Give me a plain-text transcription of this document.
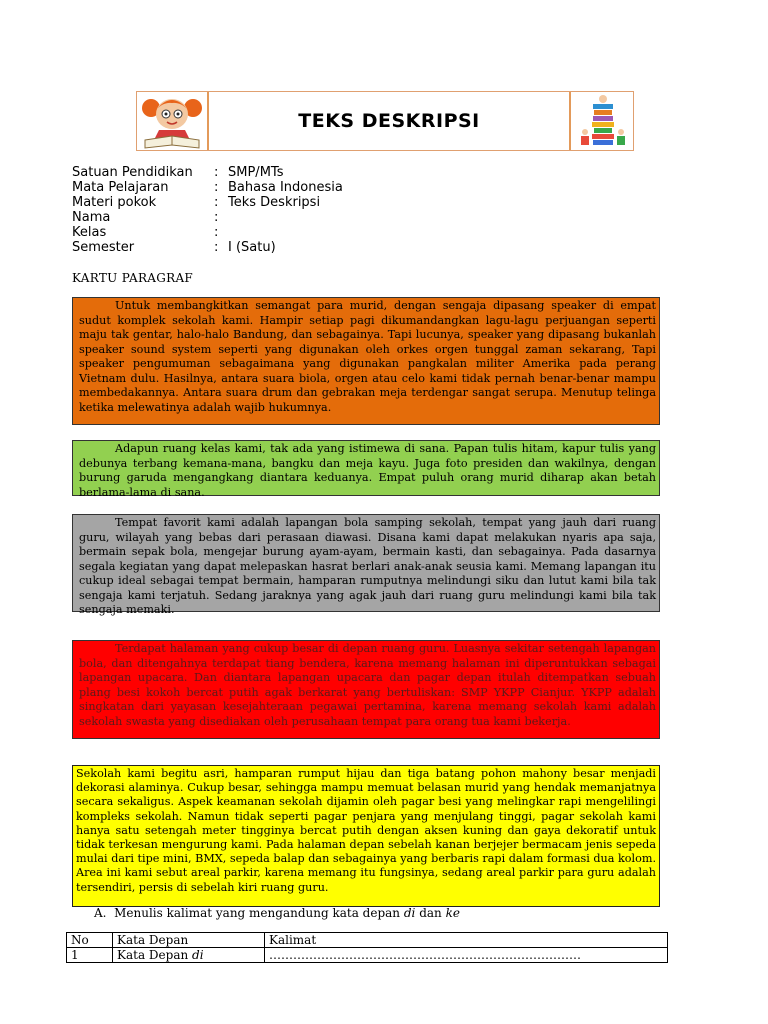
TEKS DESKRIPSI
Satuan Pendidikan	: SMP/MTs
Mata Pelajaran	: Bahasa Indonesia
Materi pokok	: Teks Deskripsi
Nama	:
Kelas	:
Semester	: I (Satu)
KARTU PARAGRAF
Untuk membangkitkan semangat para murid, dengan sengaja dipasang speaker di empat sudut komplek sekolah kami. Hampir setiap pagi dikumandangkan lagu-lagu perjuangan seperti maju tak gentar, halo-halo Bandung, dan sebagainya. Tapi lucunya, speaker yang dipasang bukanlah speaker sound system seperti yang digunakan oleh orkes orgen tunggal zaman sekarang, Tapi speaker pengumuman sebagaimana yang digunakan pangkalan militer Amerika pada perang Vietnam dulu. Hasilnya, antara suara biola, orgen atau celo kami tidak pernah benar-benar mampu membedakannya. Antara suara drum dan gebrakan meja terdengar sangat serupa. Menutup telinga ketika melewatinya adalah wajib hukumnya.
Adapun ruang kelas kami, tak ada yang istimewa di sana. Papan tulis hitam, kapur tulis yang debunya terbang kemana-mana, bangku dan meja kayu. Juga foto presiden dan wakilnya, dengan burung garuda mengangkang diantara keduanya. Empat puluh orang murid diharap akan betah berlama-lama di sana.
Tempat favorit kami adalah lapangan bola samping sekolah, tempat yang jauh dari ruang guru, wilayah yang bebas dari perasaan diawasi. Disana kami dapat melakukan nyaris apa saja, bermain sepak bola, mengejar burung ayam-ayam, bermain kasti, dan sebagainya. Pada dasarnya segala kegiatan yang dapat melepaskan hasrat berlari anak-anak seusia kami. Memang lapangan itu cukup ideal sebagai tempat bermain, hamparan rumputnya melindungi siku dan lutut kami bila tak sengaja kami terjatuh. Sedang jaraknya yang agak jauh dari ruang guru melindungi kami bila tak sengaja memaki.
Terdapat halaman yang cukup besar di depan ruang guru. Luasnya sekitar setengah lapangan bola, dan ditengahnya terdapat tiang bendera, karena memang halaman ini diperuntukkan sebagai lapangan upacara. Dan diantara lapangan upacara dan pagar depan itulah ditempatkan sebuah plang besi kokoh bercat putih agak berkarat yang bertuliskan: SMP YKPP Cianjur. YKPP adalah singkatan dari yayasan kesejahteraan pegawai pertamina, karena memang sekolah kami adalah sekolah swasta yang disediakan oleh perusahaan tempat para orang tua kami bekerja.
Sekolah kami begitu asri, hamparan rumput hijau dan tiga batang pohon mahony besar menjadi dekorasi alaminya. Cukup besar, sehingga mampu memuat belasan murid yang hendak memanjatnya secara sekaligus. Aspek keamanan sekolah dijamin oleh pagar besi yang melingkar rapi mengelilingi kompleks sekolah. Namun tidak seperti pagar penjara yang menjulang tinggi, pagar sekolah kami hanya satu setengah meter tingginya bercat putih dengan aksen kuning dan gaya dekoratif untuk tidak terkesan mengurung kami. Pada halaman depan sebelah kanan berjejer bermacam jenis sepeda mulai dari tipe mini, BMX, sepeda balap dan sebagainya yang berbaris rapi dalam formasi dua kolom. Area ini kami sebut areal parkir, karena memang itu fungsinya, sedang areal parkir para guru adalah tersendiri, persis di sebelah kiri ruang guru.
A. Menulis kalimat yang mengandung kata depan di dan ke
No	Kata Depan	Kalimat
1	Kata Depan di	……………………………………………………………………
